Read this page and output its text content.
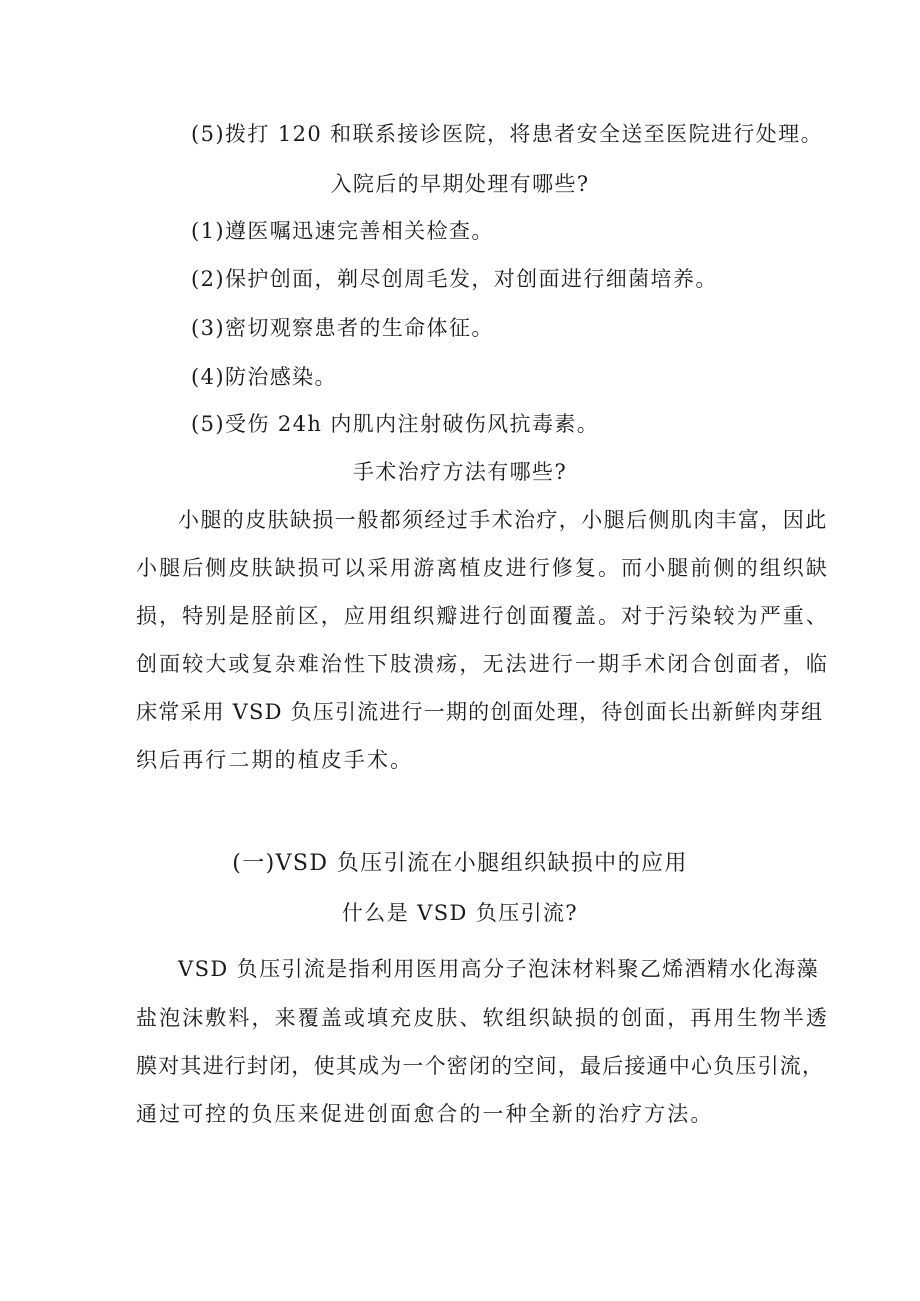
(5)拨打 120 和联系接诊医院，将患者安全送至医院进行处理。
入院后的早期处理有哪些?
(1)遵医嘱迅速完善相关检查。
(2)保护创面，剃尽创周毛发，对创面进行细菌培养。
(3)密切观察患者的生命体征。
(4)防治感染。
(5)受伤 24h 内肌内注射破伤风抗毒素。
手术治疗方法有哪些?
小腿的皮肤缺损一般都须经过手术治疗，小腿后侧肌肉丰富，因此
小腿后侧皮肤缺损可以采用游离植皮进行修复。而小腿前侧的组织缺
损，特别是胫前区，应用组织瓣进行创面覆盖。对于污染较为严重、
创面较大或复杂难治性下肢溃疡，无法进行一期手术闭合创面者，临
床常采用 VSD 负压引流进行一期的创面处理，待创面长出新鲜肉芽组
织后再行二期的植皮手术。
(一)VSD 负压引流在小腿组织缺损中的应用
什么是 VSD 负压引流?
VSD 负压引流是指利用医用高分子泡沫材料聚乙烯酒精水化海藻
盐泡沫敷料，来覆盖或填充皮肤、软组织缺损的创面，再用生物半透
膜对其进行封闭，使其成为一个密闭的空间，最后接通中心负压引流，
通过可控的负压来促进创面愈合的一种全新的治疗方法。
